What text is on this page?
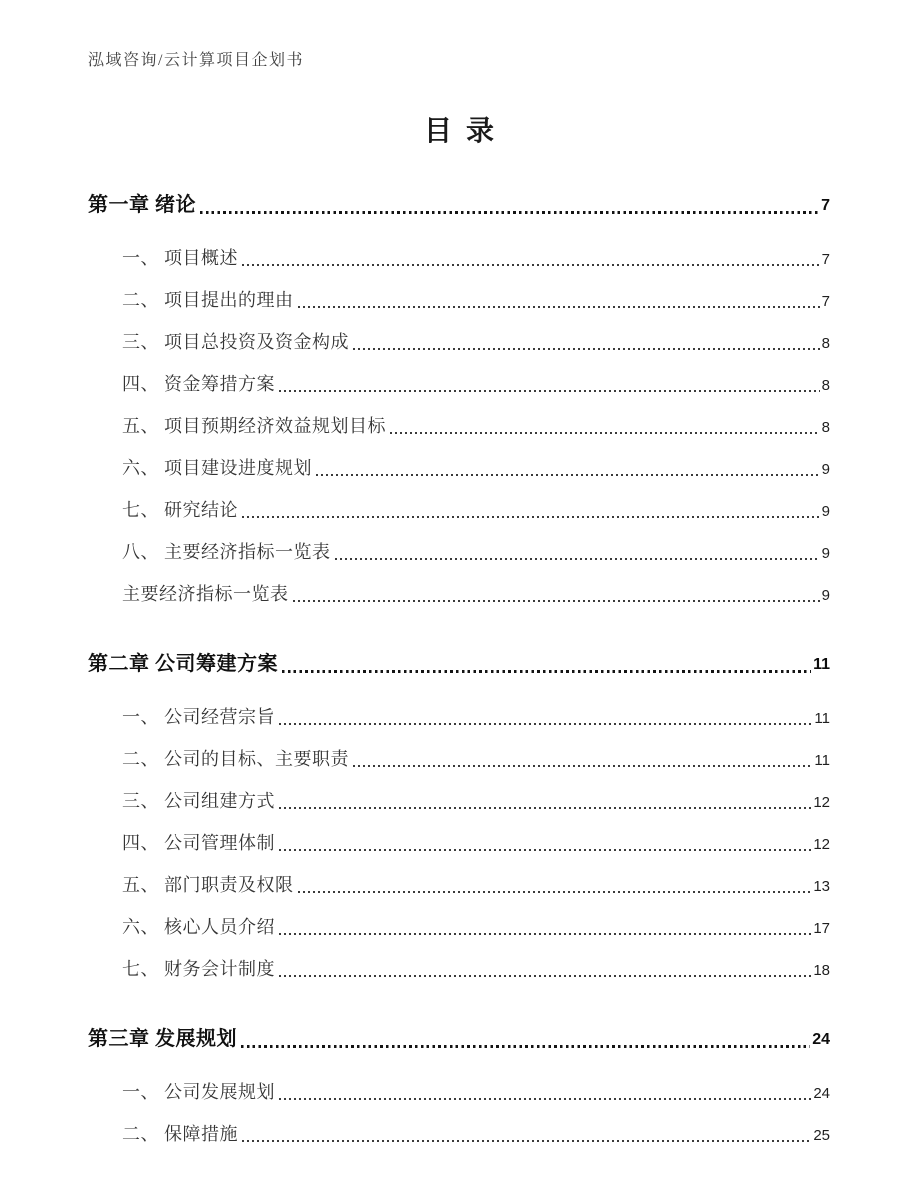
泓域咨询/云计算项目企划书
目录
第一章 绪论	7
一、 项目概述	7
二、 项目提出的理由	7
三、 项目总投资及资金构成	8
四、 资金筹措方案	8
五、 项目预期经济效益规划目标	8
六、 项目建设进度规划	9
七、 研究结论	9
八、 主要经济指标一览表	9
主要经济指标一览表	9
第二章 公司筹建方案	11
一、 公司经营宗旨	11
二、 公司的目标、主要职责	11
三、 公司组建方式	12
四、 公司管理体制	12
五、 部门职责及权限	13
六、 核心人员介绍	17
七、 财务会计制度	18
第三章 发展规划	24
一、 公司发展规划	24
二、 保障措施	25
